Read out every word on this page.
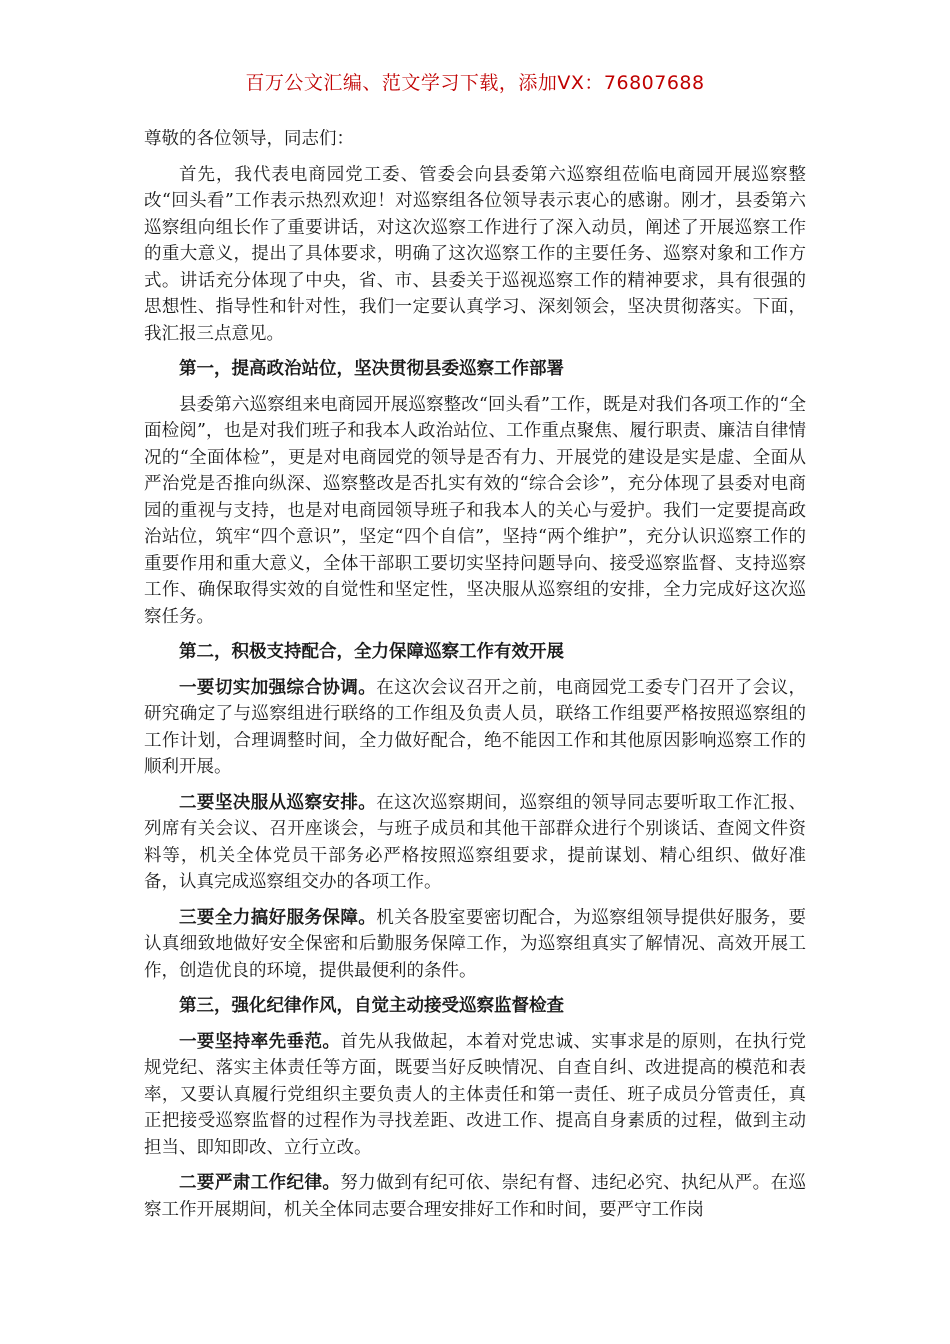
百万公文汇编、范文学习下载，添加VX：76807688

尊敬的各位领导，同志们：

首先，我代表电商园党工委、管委会向县委第六巡察组莅临电商园开展巡察整改“回头看”工作表示热烈欢迎！对巡察组各位领导表示衷心的感谢。刚才，县委第六巡察组向组长作了重要讲话，对这次巡察工作进行了深入动员，阐述了开展巡察工作的重大意义，提出了具体要求，明确了这次巡察工作的主要任务、巡察对象和工作方式。讲话充分体现了中央，省、市、县委关于巡视巡察工作的精神要求，具有很强的思想性、指导性和针对性，我们一定要认真学习、深刻领会，坚决贯彻落实。下面，我汇报三点意见。

第一，提高政治站位，坚决贯彻县委巡察工作部署

县委第六巡察组来电商园开展巡察整改“回头看”工作，既是对我们各项工作的“全面检阅”，也是对我们班子和我本人政治站位、工作重点聚焦、履行职责、廉洁自律情况的“全面体检”，更是对电商园党的领导是否有力、开展党的建设是实是虚、全面从严治党是否推向纵深、巡察整改是否扎实有效的“综合会诊”，充分体现了县委对电商园的重视与支持，也是对电商园领导班子和我本人的关心与爱护。我们一定要提高政治站位，筑牢“四个意识”，坚定“四个自信”，坚持“两个维护”，充分认识巡察工作的重要作用和重大意义，全体干部职工要切实坚持问题导向、接受巡察监督、支持巡察工作、确保取得实效的自觉性和坚定性，坚决服从巡察组的安排，全力完成好这次巡察任务。

第二，积极支持配合，全力保障巡察工作有效开展

一要切实加强综合协调。在这次会议召开之前，电商园党工委专门召开了会议，研究确定了与巡察组进行联络的工作组及负责人员，联络工作组要严格按照巡察组的工作计划，合理调整时间，全力做好配合，绝不能因工作和其他原因影响巡察工作的顺利开展。

二要坚决服从巡察安排。在这次巡察期间，巡察组的领导同志要听取工作汇报、列席有关会议、召开座谈会，与班子成员和其他干部群众进行个别谈话、查阅文件资料等，机关全体党员干部务必严格按照巡察组要求，提前谋划、精心组织、做好准备，认真完成巡察组交办的各项工作。

三要全力搞好服务保障。机关各股室要密切配合，为巡察组领导提供好服务，要认真细致地做好安全保密和后勤服务保障工作，为巡察组真实了解情况、高效开展工作，创造优良的环境，提供最便利的条件。

第三，强化纪律作风，自觉主动接受巡察监督检查

一要坚持率先垂范。首先从我做起，本着对党忠诚、实事求是的原则，在执行党规党纪、落实主体责任等方面，既要当好反映情况、自查自纠、改进提高的模范和表率，又要认真履行党组织主要负责人的主体责任和第一责任、班子成员分管责任，真正把接受巡察监督的过程作为寻找差距、改进工作、提高自身素质的过程，做到主动担当、即知即改、立行立改。

二要严肃工作纪律。努力做到有纪可依、崇纪有督、违纪必究、执纪从严。在巡察工作开展期间，机关全体同志要合理安排好工作和时间，要严守工作岗
